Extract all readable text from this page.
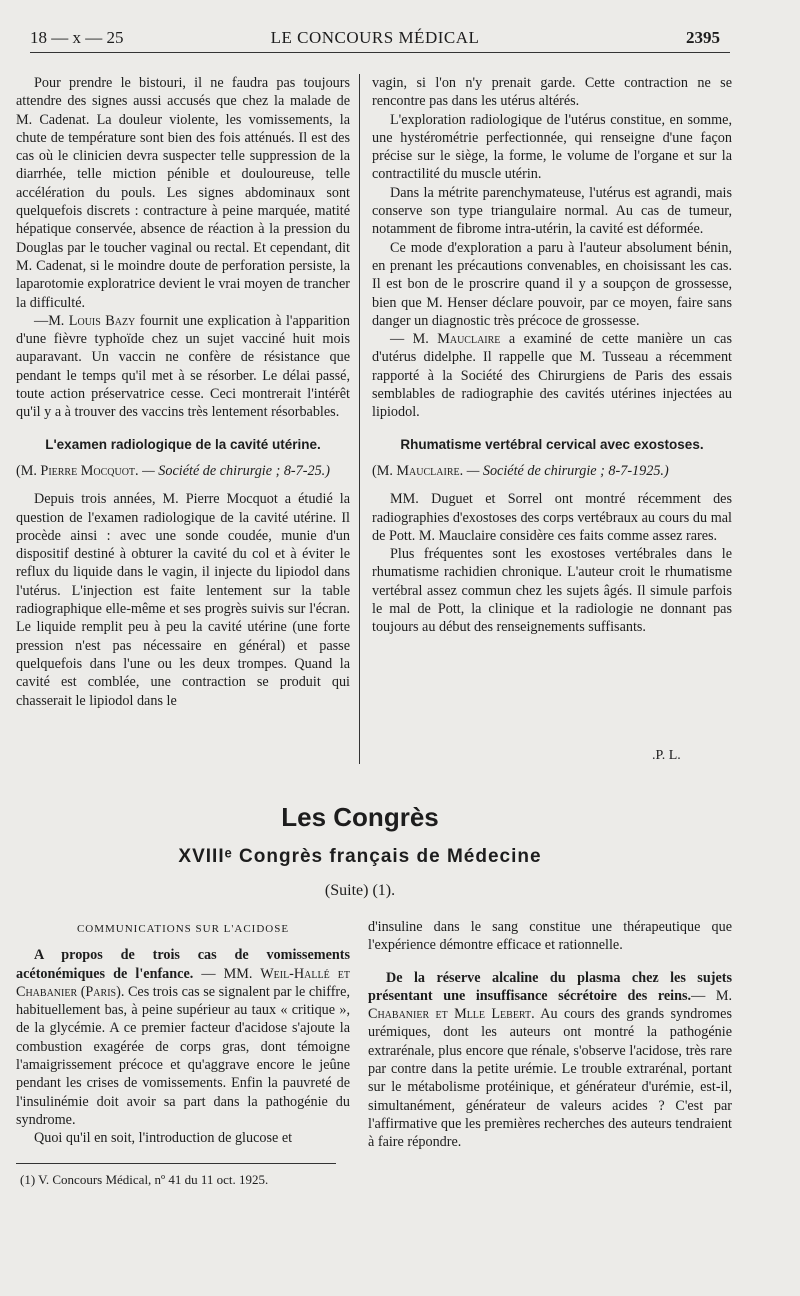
18 — x — 25	LE CONCOURS MÉDICAL	2395

Pour prendre le bistouri, il ne faudra pas toujours attendre des signes aussi accusés que chez la malade de M. Cadenat. La douleur violente, les vomissements, la chute de température sont bien des fois atténués. Il est des cas où le clinicien devra suspecter telle suppression de la diarrhée, telle miction pénible et douloureuse, telle accélération du pouls. Les signes abdominaux sont quelquefois discrets : contracture à peine marquée, matité hépatique conservée, absence de réaction à la pression du Douglas par le toucher vaginal ou rectal. Et cependant, dit M. Cadenat, si le moindre doute de perforation persiste, la laparotomie exploratrice devient le vrai moyen de trancher la difficulté.

—M. Louis Bazy fournit une explication à l'apparition d'une fièvre typhoïde chez un sujet vacciné huit mois auparavant. Un vaccin ne confère de résistance que pendant le temps qu'il met à se résorber. Le délai passé, toute action préservatrice cesse. Ceci montrerait l'intérêt qu'il y a à trouver des vaccins très lentement résorbables.

L'examen radiologique de la cavité utérine.

(M. Pierre Mocquot. — Société de chirurgie ; 8-7-25.)

Depuis trois années, M. Pierre Mocquot a étudié la question de l'examen radiologique de la cavité utérine. Il procède ainsi : avec une sonde coudée, munie d'un dispositif destiné à obturer la cavité du col et à éviter le reflux du liquide dans le vagin, il injecte du lipiodol dans l'utérus. L'injection est faite lentement sur la table radiographique elle-même et ses progrès suivis sur l'écran. Le liquide remplit peu à peu la cavité utérine (une forte pression n'est pas nécessaire en général) et passe quelquefois dans l'une ou les deux trompes. Quand la cavité est comblée, une contraction se produit qui chasserait le lipiodol dans le

vagin, si l'on n'y prenait garde. Cette contraction ne se rencontre pas dans les utérus altérés.

L'exploration radiologique de l'utérus constitue, en somme, une hystérométrie perfectionnée, qui renseigne d'une façon précise sur le siège, la forme, le volume de l'organe et sur la contractilité du muscle utérin.

Dans la métrite parenchymateuse, l'utérus est agrandi, mais conserve son type triangulaire normal. Au cas de tumeur, notamment de fibrome intra-utérin, la cavité est déformée.

Ce mode d'exploration a paru à l'auteur absolument bénin, en prenant les précautions convenables, en choisissant les cas. Il est bon de le proscrire quand il y a soupçon de grossesse, bien que M. Henser déclare pouvoir, par ce moyen, faire sans danger un diagnostic très précoce de grossesse.

— M. Mauclaire a examiné de cette manière un cas d'utérus didelphe. Il rappelle que M. Tusseau a récemment rapporté à la Société des Chirurgiens de Paris des essais semblables de radiographie des cavités utérines injectées au lipiodol.

Rhumatisme vertébral cervical avec exostoses.

(M. Mauclaire. — Société de chirurgie ; 8-7-1925.)

MM. Duguet et Sorrel ont montré récemment des radiographies d'exostoses des corps vertébraux au cours du mal de Pott. M. Mauclaire considère ces faits comme assez rares.

Plus fréquentes sont les exostoses vertébrales dans le rhumatisme rachidien chronique. L'auteur croit le rhumatisme vertébral assez commun chez les sujets âgés. Il simule parfois le mal de Pott, la clinique et la radiologie ne donnant pas toujours au début des renseignements suffisants.

.P. L.
Les Congrès
XVIIIᵉ Congrès français de Médecine
(Suite) (1).

COMMUNICATIONS SUR L'ACIDOSE

A propos de trois cas de vomissements acétonémiques de l'enfance. — MM. Weil-Hallé et Chabanier (Paris). Ces trois cas se signalent par le chiffre, habituellement bas, à peine supérieur au taux « critique », de la glycémie. A ce premier facteur d'acidose s'ajoute la combustion exagérée de corps gras, dont témoigne l'amaigrissement précoce et qu'aggrave encore le jeûne pendant les crises de vomissements. Enfin la pauvreté de l'insulinémie doit avoir sa part dans la pathogénie du syndrome.

Quoi qu'il en soit, l'introduction de glucose et

d'insuline dans le sang constitue une thérapeutique que l'expérience démontre efficace et rationnelle.

De la réserve alcaline du plasma chez les sujets présentant une insuffisance sécrétoire des reins.— M. Chabanier et Mlle Lebert. Au cours des grands syndromes urémiques, dont les auteurs ont montré la pathogénie extrarénale, plus encore que rénale, s'observe l'acidose, très rare par contre dans la petite urémie. Le trouble extrarénal, portant sur le métabolisme protéinique, et générateur d'urémie, est-il, simultanément, générateur de valeurs acides ? C'est par l'affirmative que les premières recherches des auteurs tendraient à faire répondre.

(1) V. Concours Médical, nº 41 du 11 oct. 1925.
